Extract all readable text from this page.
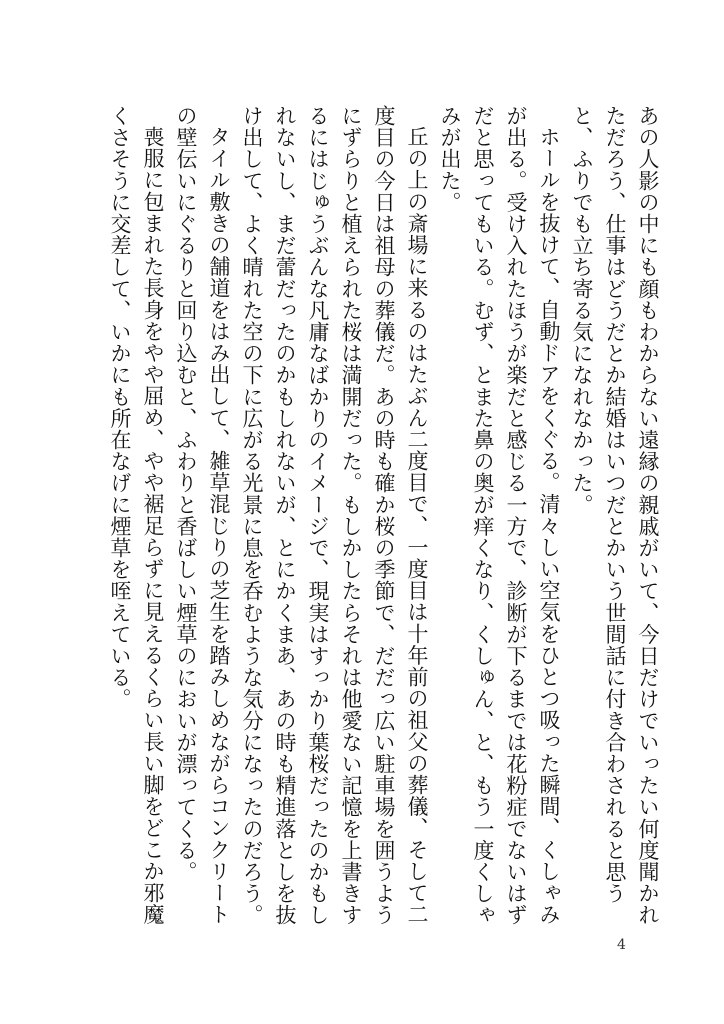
あの人影の中にも顔もわからない遠縁の親戚がいて、今日だけでいったい何度聞かれただろう、仕事はどうだとか結婚はいつだとかいう世間話に付き合わされると思うと、ふりでも立ち寄る気になれなかった。

ホールを抜けて、自動ドアをくぐる。清々しい空気をひとつ吸った瞬間、くしゃみが出る。受け入れたほうが楽だと感じる一方で、診断が下るまでは花粉症でないはずだと思ってもいる。むず、とまた鼻の奥が痒くなり、くしゅん、と、もう一度くしゃみが出た。

丘の上の斎場に来るのはたぶん二度目で、一度目は十年前の祖父の葬儀、そして二度目の今日は祖母の葬儀だ。あの時も確か桜の季節で、だだっ広い駐車場を囲うようにずらりと植えられた桜は満開だった。もしかしたらそれは他愛ない記憶を上書きするにはじゅうぶんな凡庸なばかりのイメージで、現実はすっかり葉桜だったのかもしれないし、まだ蕾だったのかもしれないが、とにかくまあ、あの時も精進落としを抜け出して、よく晴れた空の下に広がる光景に息を呑むような気分になったのだろう。

タイル敷きの舗道をはみ出して、雑草混じりの芝生を踏みしめながらコンクリートの壁伝いにぐるりと回り込むと、ふわりと香ばしい煙草のにおいが漂ってくる。

喪服に包まれた長身をやや屈め、やや裾足らずに見えるくらい長い脚をどこか邪魔くさそうに交差して、いかにも所在なげに煙草を咥えている。

4
